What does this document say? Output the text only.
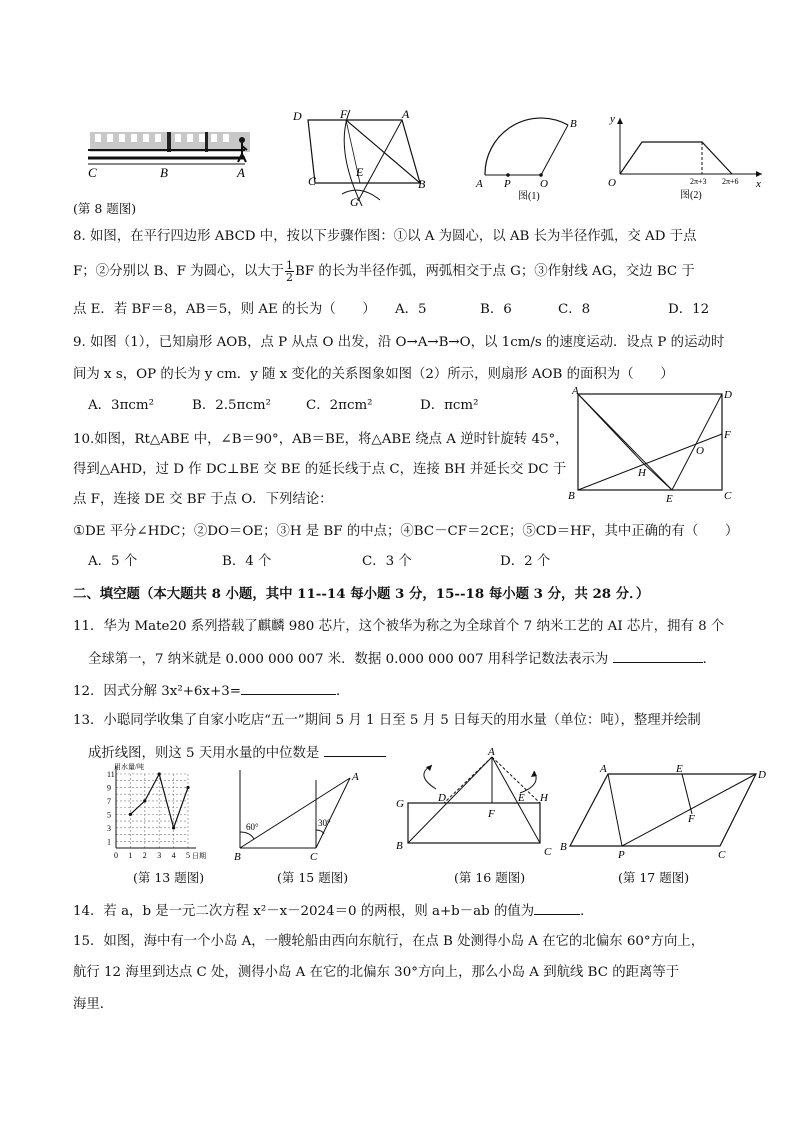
C	B	A
D	F	A
C
E
B
G
B
A P	O
图(1)
y
x
O	2π+3 2π+6
图(2)
(第 8 题图)
8. 如图，在平行四边形 ABCD 中，按以下步骤作图：①以 A 为圆心，以 AB 长为半径作弧，交 AD 于点
F；②分别以 B、F 为圆心，以大于 $\frac{1}{2}$ BF 的长为半径作弧，两弧相交于点 G；③作射线 AG，交边 BC 于
点 E．若 BF＝8，AB＝5，则 AE 的长为（　　） A．5	B．6	C．8	D．12
9. 如图（1），已知扇形 AOB，点 P 从点 O 出发，沿 O→A→B→O，以 1cm/s 的速度运动．设点 P 的运动时
间为 x s，OP 的长为 y cm．y 随 x 变化的关系图象如图（2）所示，则扇形 AOB 的面积为（　　）
A．3πcm²	B．2.5πcm²	C．2πcm²	D．πcm²
A	D
F
O
H
B	E	C
10.如图，Rt△ABE 中，∠B＝90°，AB＝BE，将△ABE 绕点 A 逆时针旋转 45°，
得到△AHD，过 D 作 DC⊥BE 交 BE 的延长线于点 C，连接 BH 并延长交 DC 于
点 F，连接 DE 交 BF 于点 O．下列结论：
①DE 平分∠HDC；②DO＝OE；③H 是 BF 的中点；④BC－CF＝2CE；⑤CD＝HF，其中正确的有（　　）
A．5 个	B．4 个	C．3 个	D．2 个
二、填空题（本大题共 8 小题，其中 11--14 每小题 3 分，15--18 每小题 3 分，共 28 分．）
11．华为 Mate20 系列搭载了麒麟 980 芯片，这个被华为称之为全球首个 7 纳米工艺的 AI 芯片，拥有 8 个
全球第一，7 纳米就是 0.000 000 007 米．数据 0.000 000 007 用科学记数法表示为	．
12．因式分解 3x²+6x+3=	．
13．小聪同学收集了自家小吃店“五一”期间 5 月 1 日至 5 月 5 日每天的用水量（单位：吨），整理并绘制
成折线图，则这 5 天用水量的中位数是
用水量/吨
日期
11
9
7
5
3
1
0 1 2 3 4 5
A
60°	30°
B	C
A
G	D	E H
F
B	C
A	E	D
F
B
P	C
(第 13 题图)	(第 15 题图)	(第 16 题图)	(第 17 题图)
14．若 a，b 是一元二次方程 x²－x－2024＝0 的两根，则 a+b－ab 的值为	．
15．如图，海中有一个小岛 A，一艘轮船由西向东航行，在点 B 处测得小岛 A 在它的北偏东 60°方向上，
航行 12 海里到达点 C 处，测得小岛 A 在它的北偏东 30°方向上，那么小岛 A 到航线 BC 的距离等于
海里．
